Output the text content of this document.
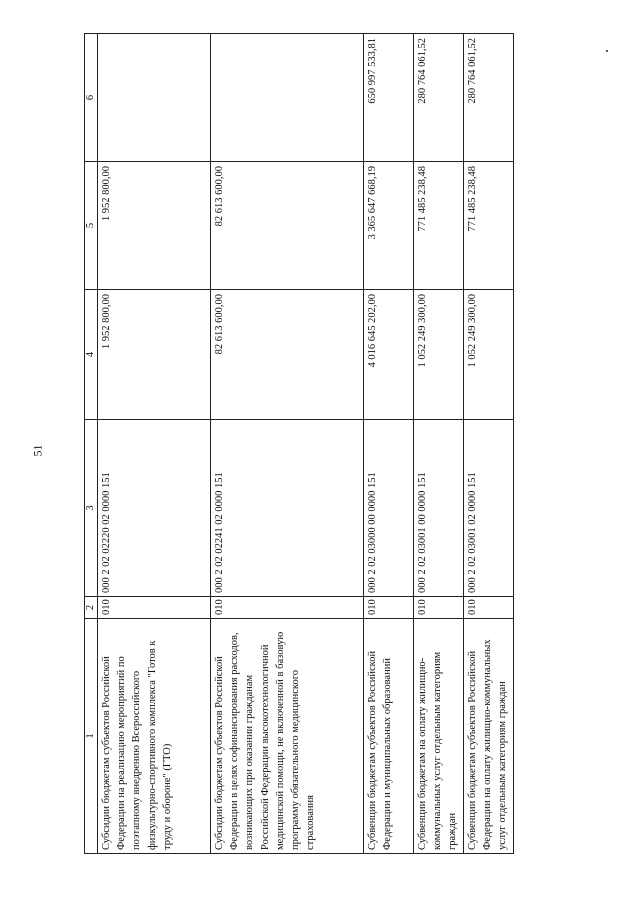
51
1	2	3	4	5	6
Субсидии бюджетам субъектов Российской Федерации на реализацию мероприятий по поэтапному внедрению Всероссийского физкультурно-спортивного комплекса "Готов к труду и обороне" (ГТО)	010	000 2 02 02220 02 0000 151	1 952 800,00	1 952 800,00	
Субсидии бюджетам субъектов Российской Федерации в целях софинансирования расходов, возникающих при оказании гражданам Российской Федерации высокотехнологичной медицинской помощи, не включенной в базовую программу обязательного медицинского страхования	010	000 2 02 02241 02 0000 151	82 613 600,00	82 613 600,00	
Субвенции бюджетам субъектов Российской Федерации и муниципальных образований	010	000 2 02 03000 00 0000 151	4 016 645 202,00	3 365 647 668,19	650 997 533,81
Субвенции бюджетам на оплату жилищно-коммунальных услуг отдельным категориям граждан	010	000 2 02 03001 00 0000 151	1 052 249 300,00	771 485 238,48	280 764 061,52
Субвенции бюджетам субъектов Российской Федерации на оплату жилищно-коммунальных услуг отдельным категориям граждан	010	000 2 02 03001 02 0000 151	1 052 249 300,00	771 485 238,48	280 764 061,52
